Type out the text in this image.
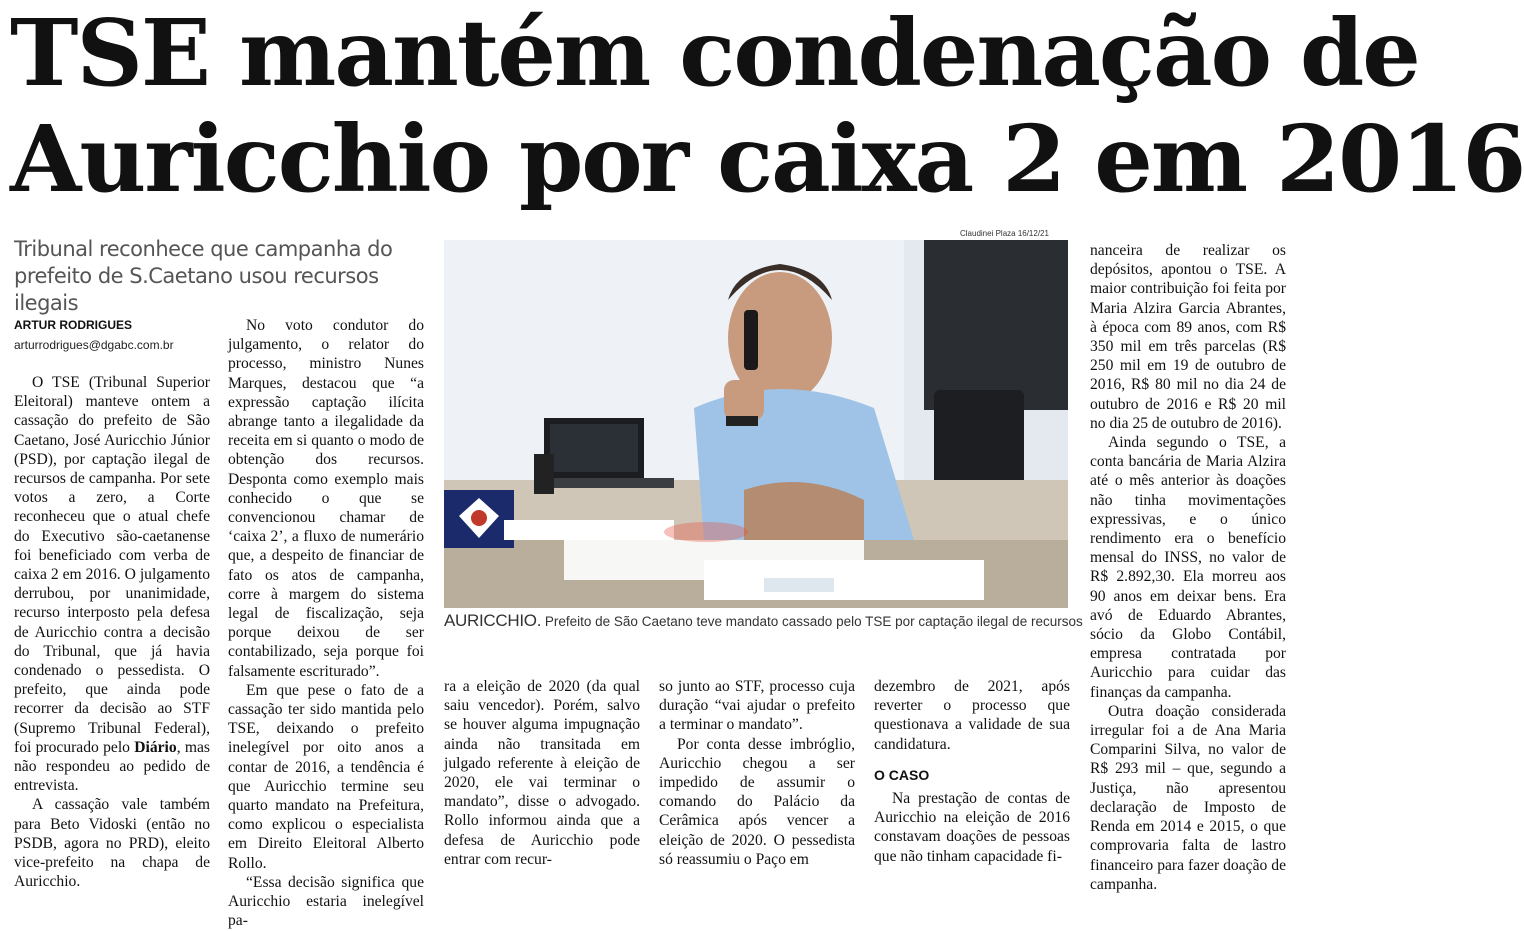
TSE mantém condenação de
Auricchio por caixa 2 em 2016
Tribunal reconhece que campanha do prefeito de S.Caetano usou recursos ilegais
ARTUR RODRIGUES
arturrodrigues@dgabc.com.br

O TSE (Tribunal Superior Eleitoral) manteve ontem a cassação do prefeito de São Caetano, José Auricchio Júnior (PSD), por captação ilegal de recursos de campanha. Por sete votos a zero, a Corte reconheceu que o atual chefe do Executivo são-caetanense foi beneficiado com verba de caixa 2 em 2016. O julgamento derrubou, por unanimidade, recurso interposto pela defesa de Auricchio contra a decisão do Tribunal, que já havia condenado o pessedista. O prefeito, que ainda pode recorrer da decisão ao STF (Supremo Tribunal Federal), foi procurado pelo Diário, mas não respondeu ao pedido de entrevista.

A cassação vale também para Beto Vidoski (então no PSDB, agora no PRD), eleito vice-prefeito na chapa de Auricchio.

No voto condutor do julgamento, o relator do processo, ministro Nunes Marques, destacou que “a expressão captação ilícita abrange tanto a ilegalidade da receita em si quanto o modo de obtenção dos recursos. Desponta como exemplo mais conhecido o que se convencionou chamar de ‘caixa 2’, a fluxo de numerário que, a despeito de financiar de fato os atos de campanha, corre à margem do sistema legal de fiscalização, seja porque deixou de ser contabilizado, seja porque foi falsamente escriturado”.

Em que pese o fato de a cassação ter sido mantida pelo TSE, deixando o prefeito inelegível por oito anos a contar de 2016, a tendência é que Auricchio termine seu quarto mandato na Prefeitura, como explicou o especialista em Direito Eleitoral Alberto Rollo.

“Essa decisão significa que Auricchio estaria inelegível pa-

Claudinei Plaza 16/12/21
AURICCHIO. Prefeito de São Caetano teve mandato cassado pelo TSE por captação ilegal de recursos

ra a eleição de 2020 (da qual saiu vencedor). Porém, salvo se houver alguma impugnação ainda não transitada em julgado referente à eleição de 2020, ele vai terminar o mandato”, disse o advogado. Rollo informou ainda que a defesa de Auricchio pode entrar com recur-

so junto ao STF, processo cuja duração “vai ajudar o prefeito a terminar o mandato”.

Por conta desse imbróglio, Auricchio chegou a ser impedido de assumir o comando do Palácio da Cerâmica após vencer a eleição de 2020. O pessedista só reassumiu o Paço em

dezembro de 2021, após reverter o processo que questionava a validade de sua candidatura.

O CASO

Na prestação de contas de Auricchio na eleição de 2016 constavam doações de pessoas que não tinham capacidade fi-

nanceira de realizar os depósitos, apontou o TSE. A maior contribuição foi feita por Maria Alzira Garcia Abrantes, à época com 89 anos, com R$ 350 mil em três parcelas (R$ 250 mil em 19 de outubro de 2016, R$ 80 mil no dia 24 de outubro de 2016 e R$ 20 mil no dia 25 de outubro de 2016).

Ainda segundo o TSE, a conta bancária de Maria Alzira até o mês anterior às doações não tinha movimentações expressivas, e o único rendimento era o benefício mensal do INSS, no valor de R$ 2.892,30. Ela morreu aos 90 anos em deixar bens. Era avó de Eduardo Abrantes, sócio da Globo Contábil, empresa contratada por Auricchio para cuidar das finanças da campanha.

Outra doação considerada irregular foi a de Ana Maria Comparini Silva, no valor de R$ 293 mil – que, segundo a Justiça, não apresentou declaração de Imposto de Renda em 2014 e 2015, o que comprovaria falta de lastro financeiro para fazer doação de campanha.
